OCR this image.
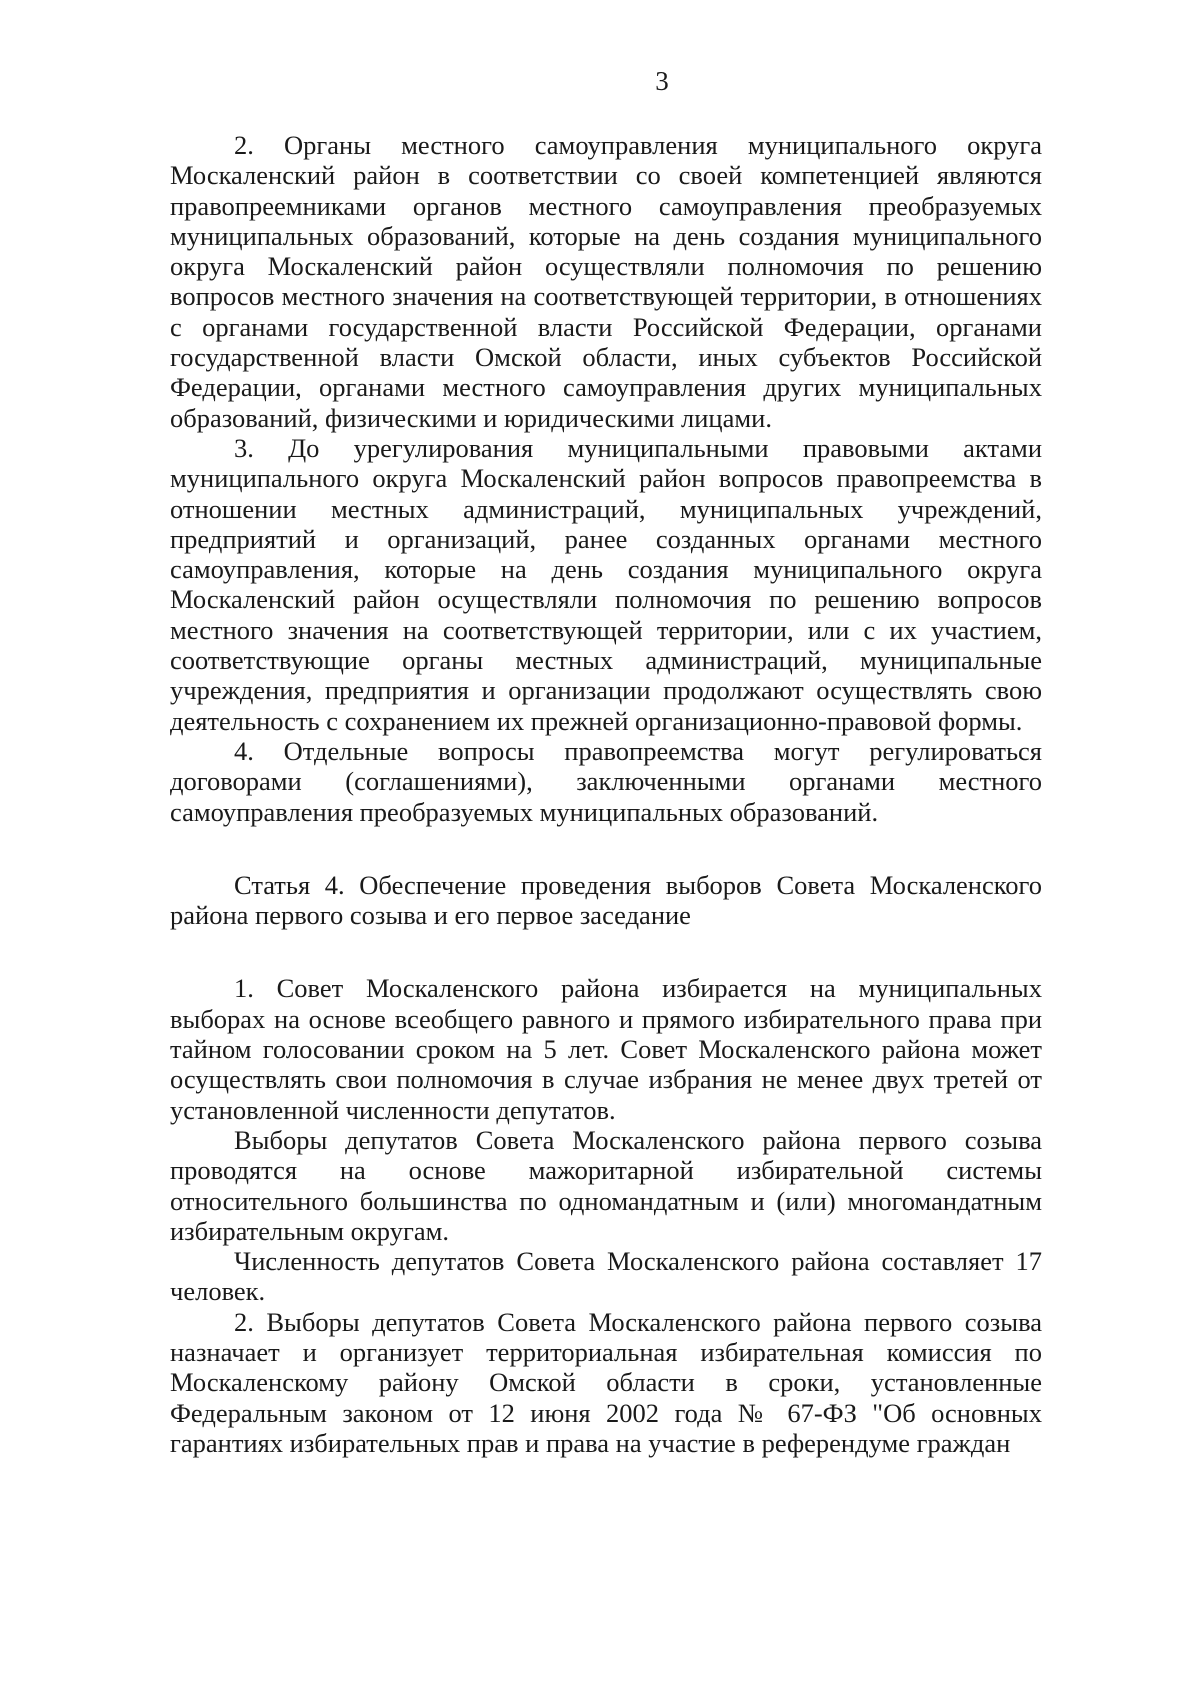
3

2. Органы местного самоуправления муниципального округа Москаленский район в соответствии со своей компетенцией являются правопреемниками органов местного самоуправления преобразуемых муниципальных образований, которые на день создания муниципального округа Москаленский район осуществляли полномочия по решению вопросов местного значения на соответствующей территории, в отношениях с органами государственной власти Российской Федерации, органами государственной власти Омской области, иных субъектов Российской Федерации, органами местного самоуправления других муниципальных образований, физическими и юридическими лицами.

3. До урегулирования муниципальными правовыми актами муниципального округа Москаленский район вопросов правопреемства в отношении местных администраций, муниципальных учреждений, предприятий и организаций, ранее созданных органами местного самоуправления, которые на день создания муниципального округа Москаленский район осуществляли полномочия по решению вопросов местного значения на соответствующей территории, или с их участием, соответствующие органы местных администраций, муниципальные учреждения, предприятия и организации продолжают осуществлять свою деятельность с сохранением их прежней организационно-правовой формы.

4. Отдельные вопросы правопреемства могут регулироваться договорами (соглашениями), заключенными органами местного самоуправления преобразуемых муниципальных образований.

Статья 4. Обеспечение проведения выборов Совета Москаленского района первого созыва и его первое заседание

1. Совет Москаленского района избирается на муниципальных выборах на основе всеобщего равного и прямого избирательного права при тайном голосовании сроком на 5 лет. Совет Москаленского района может осуществлять свои полномочия в случае избрания не менее двух третей от установленной численности депутатов.

Выборы депутатов Совета Москаленского района первого созыва проводятся на основе мажоритарной избирательной системы относительного большинства по одномандатным и (или) многомандатным избирательным округам.

Численность депутатов Совета Москаленского района составляет 17 человек.

2. Выборы депутатов Совета Москаленского района первого созыва назначает и организует территориальная избирательная комиссия по Москаленскому району Омской области в сроки, установленные Федеральным законом от 12 июня 2002 года № 67-ФЗ "Об основных гарантиях избирательных прав и права на участие в референдуме граждан
